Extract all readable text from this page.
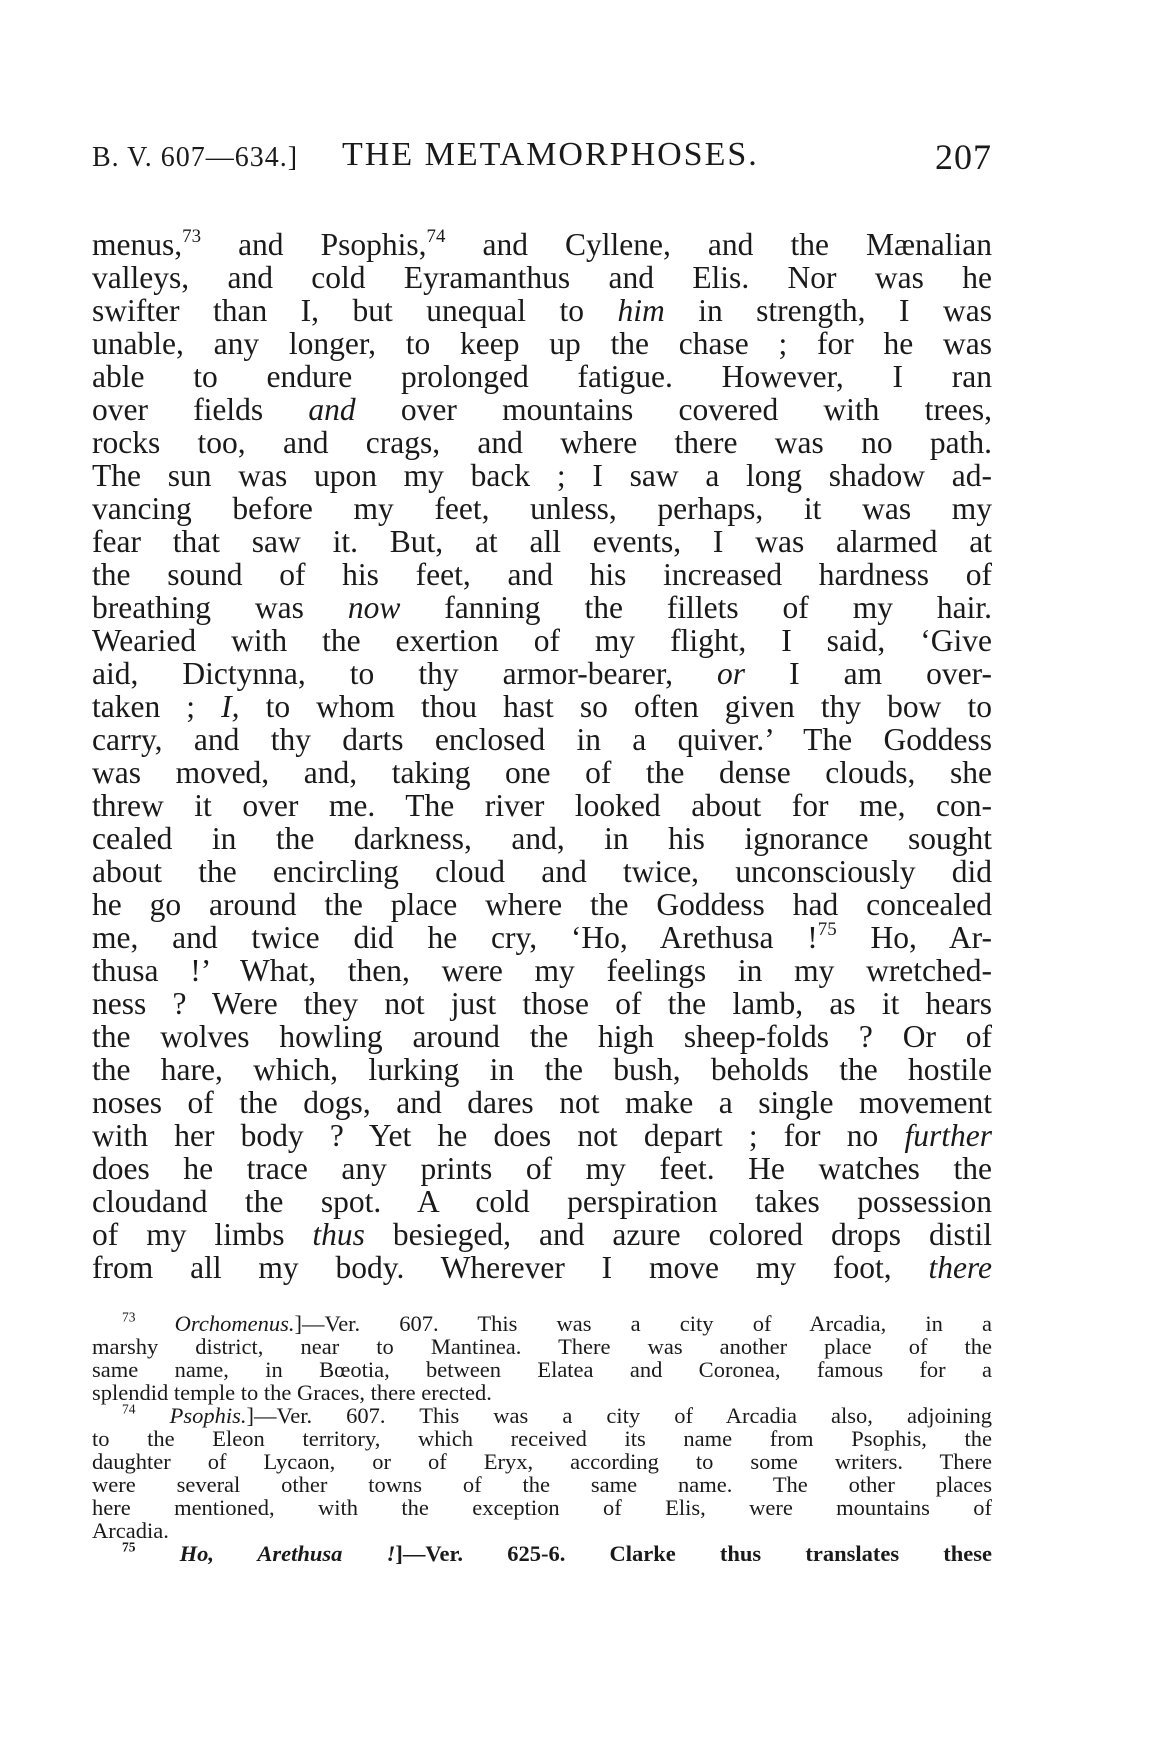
B. V. 607—634.] THE METAMORPHOSES.	207
menus,$^{73}$ and Psophis,$^{74}$ and Cyllene, and the Mænalian
valleys, and cold Eyramanthus and Elis. Nor was he
swifter than I, but unequal to him in strength, I was
unable, any longer, to keep up the chase ; for he was
able to endure prolonged fatigue. However, I ran
over fields and over mountains covered with trees,
rocks too, and crags, and where there was no path.
The sun was upon my back ; I saw a long shadow ad-
vancing before my feet, unless, perhaps, it was my
fear that saw it. But, at all events, I was alarmed at
the sound of his feet, and his increased hardness of
breathing was now fanning the fillets of my hair.
Wearied with the exertion of my flight, I said, ‘Give
aid, Dictynna, to thy armor-bearer, or I am over-
taken ; I, to whom thou hast so often given thy bow to
carry, and thy darts enclosed in a quiver.’ The Goddess
was moved, and, taking one of the dense clouds, she
threw it over me. The river looked about for me, con-
cealed in the darkness, and, in his ignorance sought
about the encircling cloud and twice, unconsciously did
he go around the place where the Goddess had concealed
me, and twice did he cry, ‘Ho, Arethusa !$^{75}$ Ho, Ar-
thusa !’ What, then, were my feelings in my wretched-
ness ? Were they not just those of the lamb, as it hears
the wolves howling around the high sheep-folds ? Or of
the hare, which, lurking in the bush, beholds the hostile
noses of the dogs, and dares not make a single movement
with her body ? Yet he does not depart ; for no further
does he trace any prints of my feet. He watches the
cloudand the spot. A cold perspiration takes possession
of my limbs thus besieged, and azure colored drops distil
from all my body. Wherever I move my foot, there
$^{73}$ Orchomenus.]—Ver. 607. This was a city of Arcadia, in a
marshy district, near to Mantinea. There was another place of the
same name, in Bœotia, between Elatea and Coronea, famous for a
splendid temple to the Graces, there erected.
$^{74}$ Psophis.]—Ver. 607. This was a city of Arcadia also, adjoining
to the Eleon territory, which received its name from Psophis, the
daughter of Lycaon, or of Eryx, according to some writers. There
were several other towns of the same name. The other places
here mentioned, with the exception of Elis, were mountains of
Arcadia.
$^{75}$ Ho, Arethusa !]—Ver. 625-6. Clarke thus translates these
